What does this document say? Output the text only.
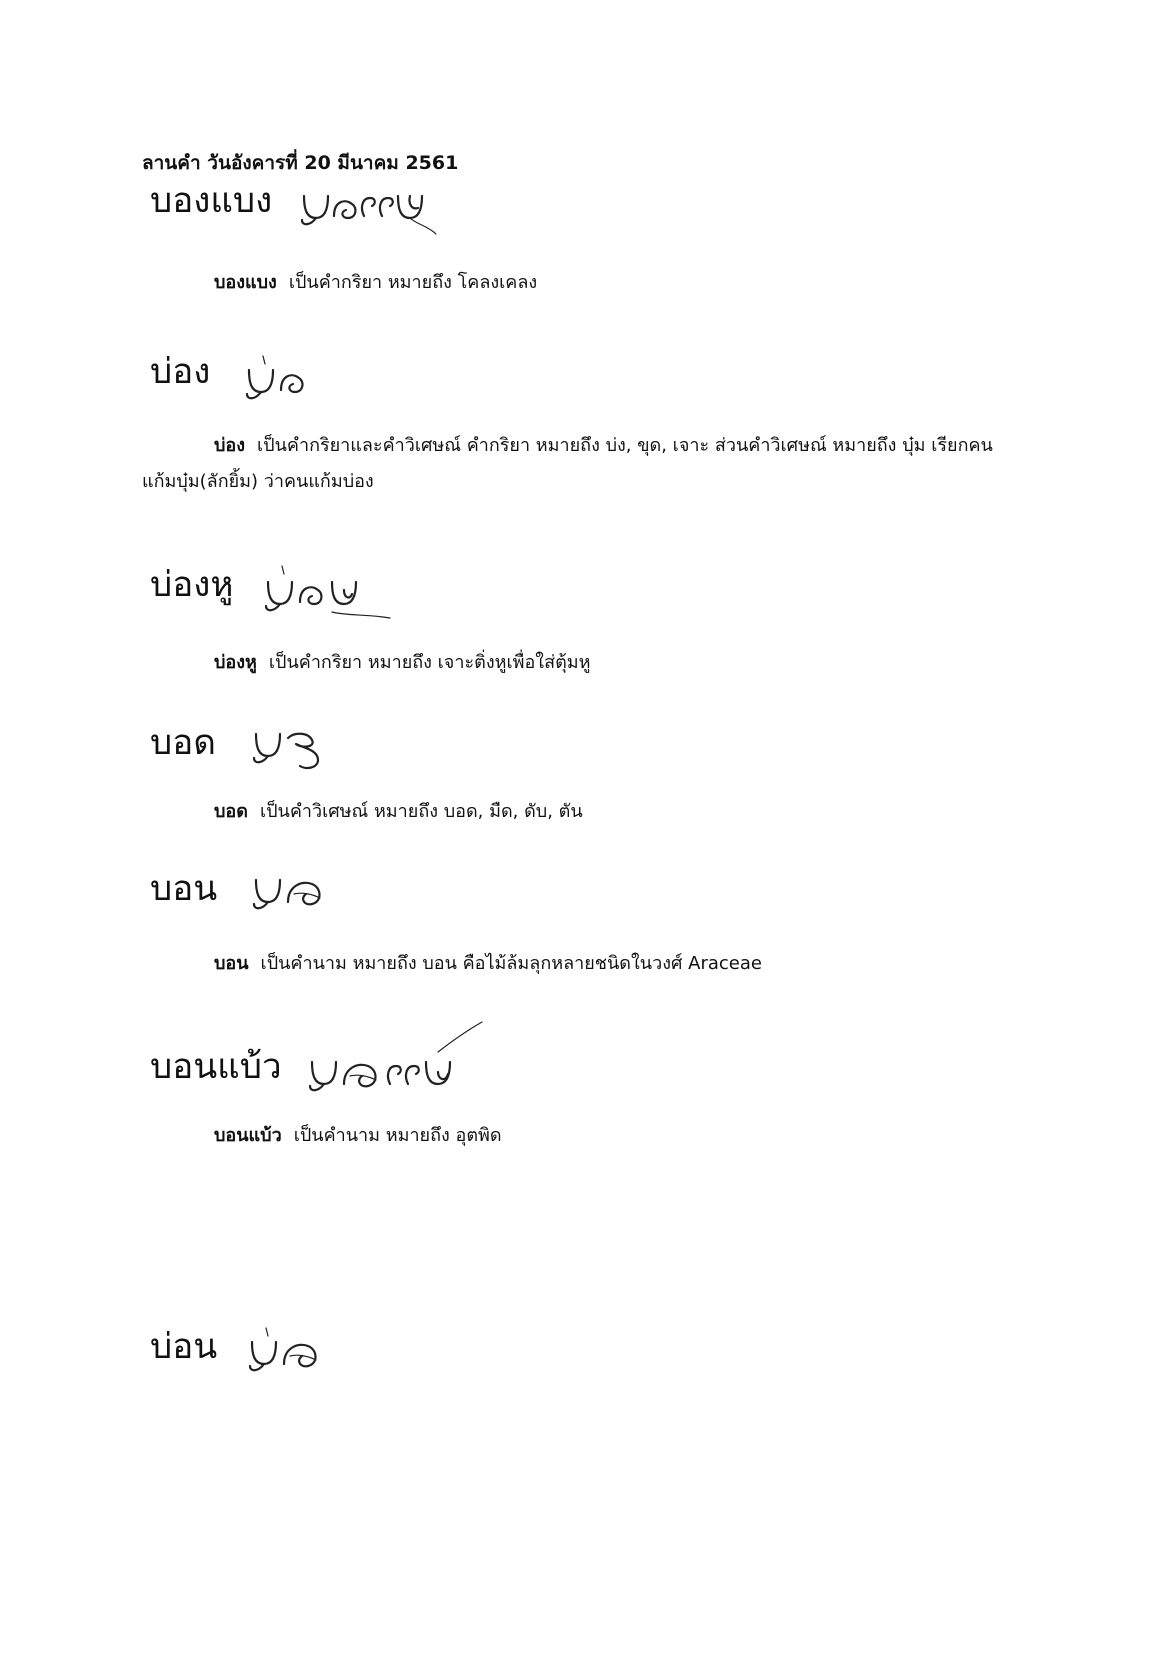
ลานคำ วันอังคารที่ 20 มีนาคม 2561
บองแบง
บองแบง เป็นคำกริยา หมายถึง โคลงเคลง
บ่อง
บ่อง เป็นคำกริยาและคำวิเศษณ์ คำกริยา หมายถึง บ่ง, ขุด, เจาะ ส่วนคำวิเศษณ์ หมายถึง บุ๋ม เรียกคนแก้มบุ๋ม(ลักยิ้ม) ว่าคนแก้มบ่อง
บ่องหู
บ่องหู เป็นคำกริยา หมายถึง เจาะติ่งหูเพื่อใส่ตุ้มหู
บอด
บอด เป็นคำวิเศษณ์ หมายถึง บอด, มืด, ดับ, ตัน
บอน
บอน เป็นคำนาม หมายถึง บอน คือไม้ล้มลุกหลายชนิดในวงศ์ Araceae
บอนแบ้ว
บอนแบ้ว เป็นคำนาม หมายถึง อุตพิด
บ่อน
